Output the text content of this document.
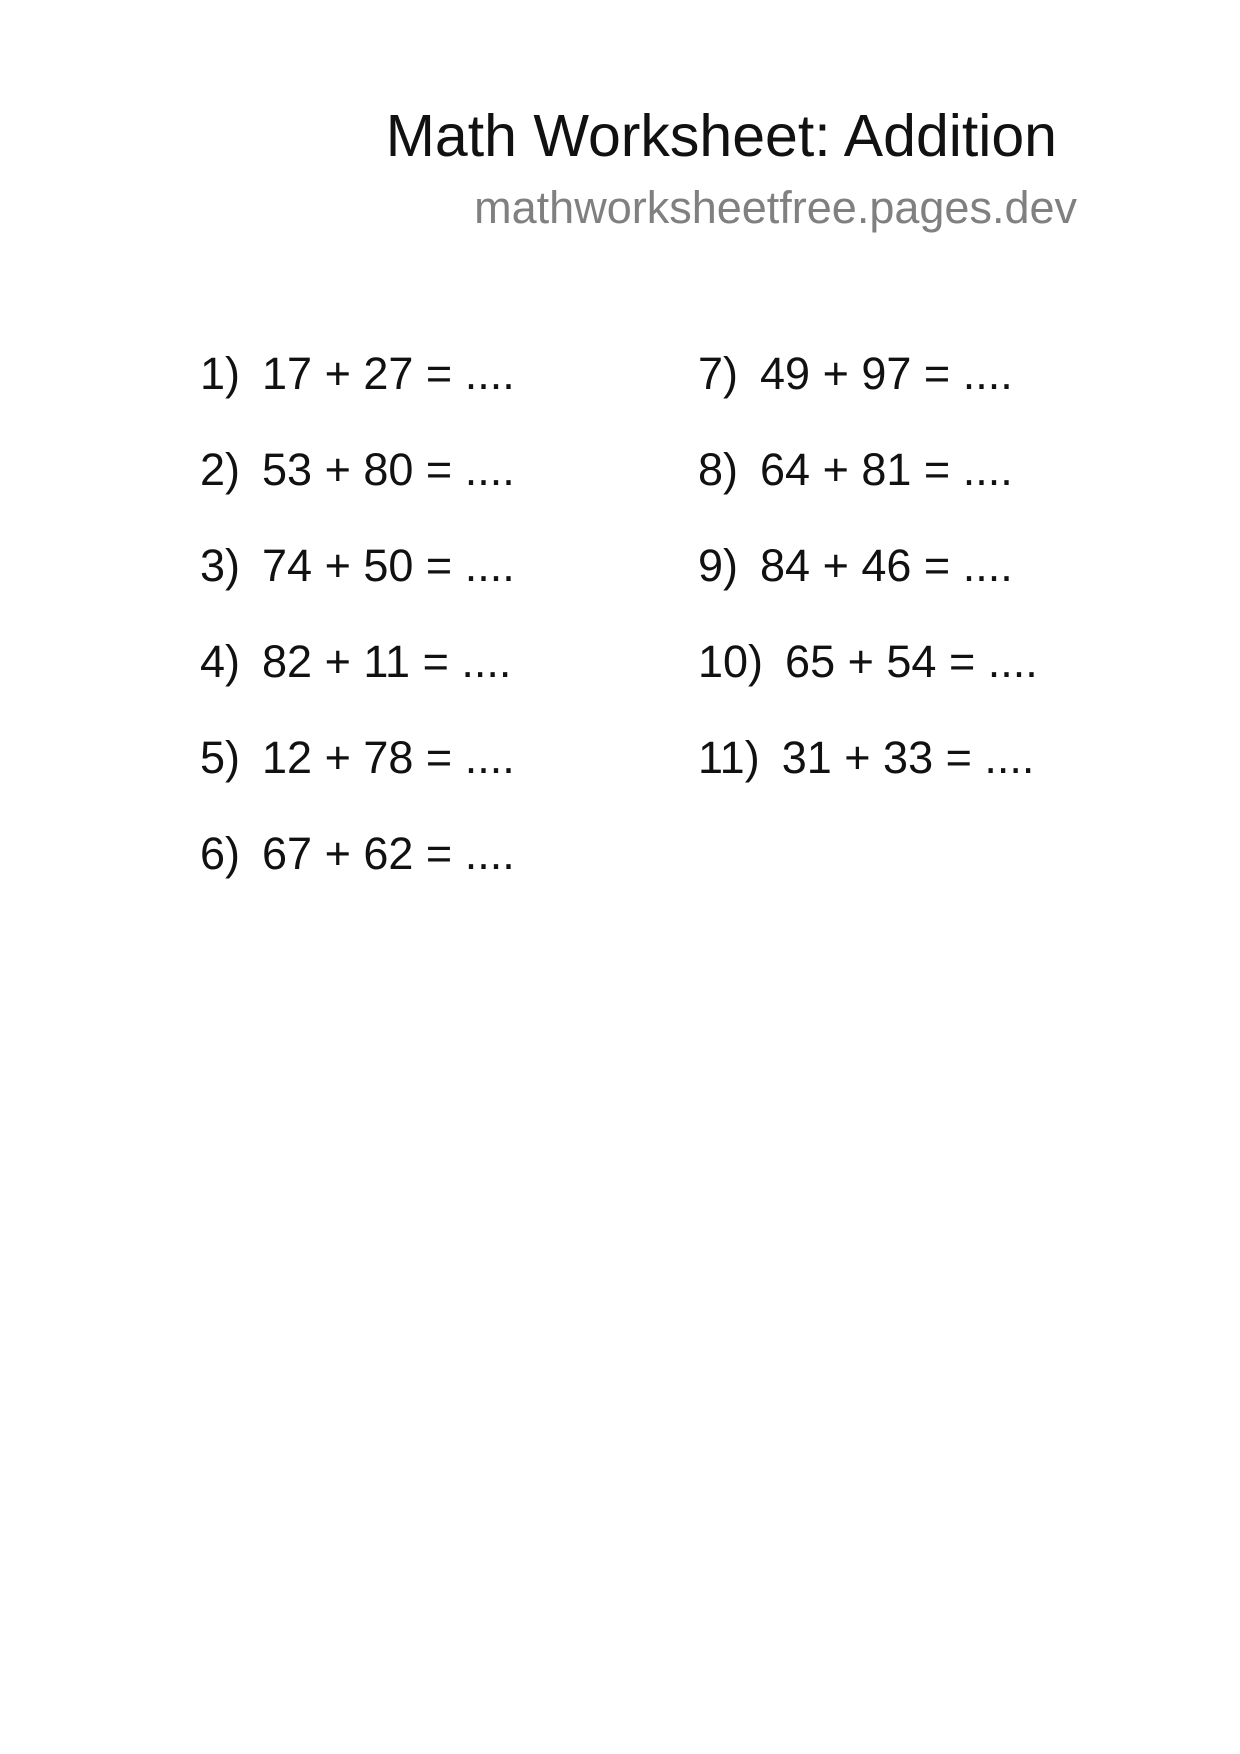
Math Worksheet: Addition
mathworksheetfree.pages.dev
1) 17 + 27 = ....
2) 53 + 80 = ....
3) 74 + 50 = ....
4) 82 + 11 = ....
5) 12 + 78 = ....
6) 67 + 62 = ....
7) 49 + 97 = ....
8) 64 + 81 = ....
9) 84 + 46 = ....
10) 65 + 54 = ....
11) 31 + 33 = ....
